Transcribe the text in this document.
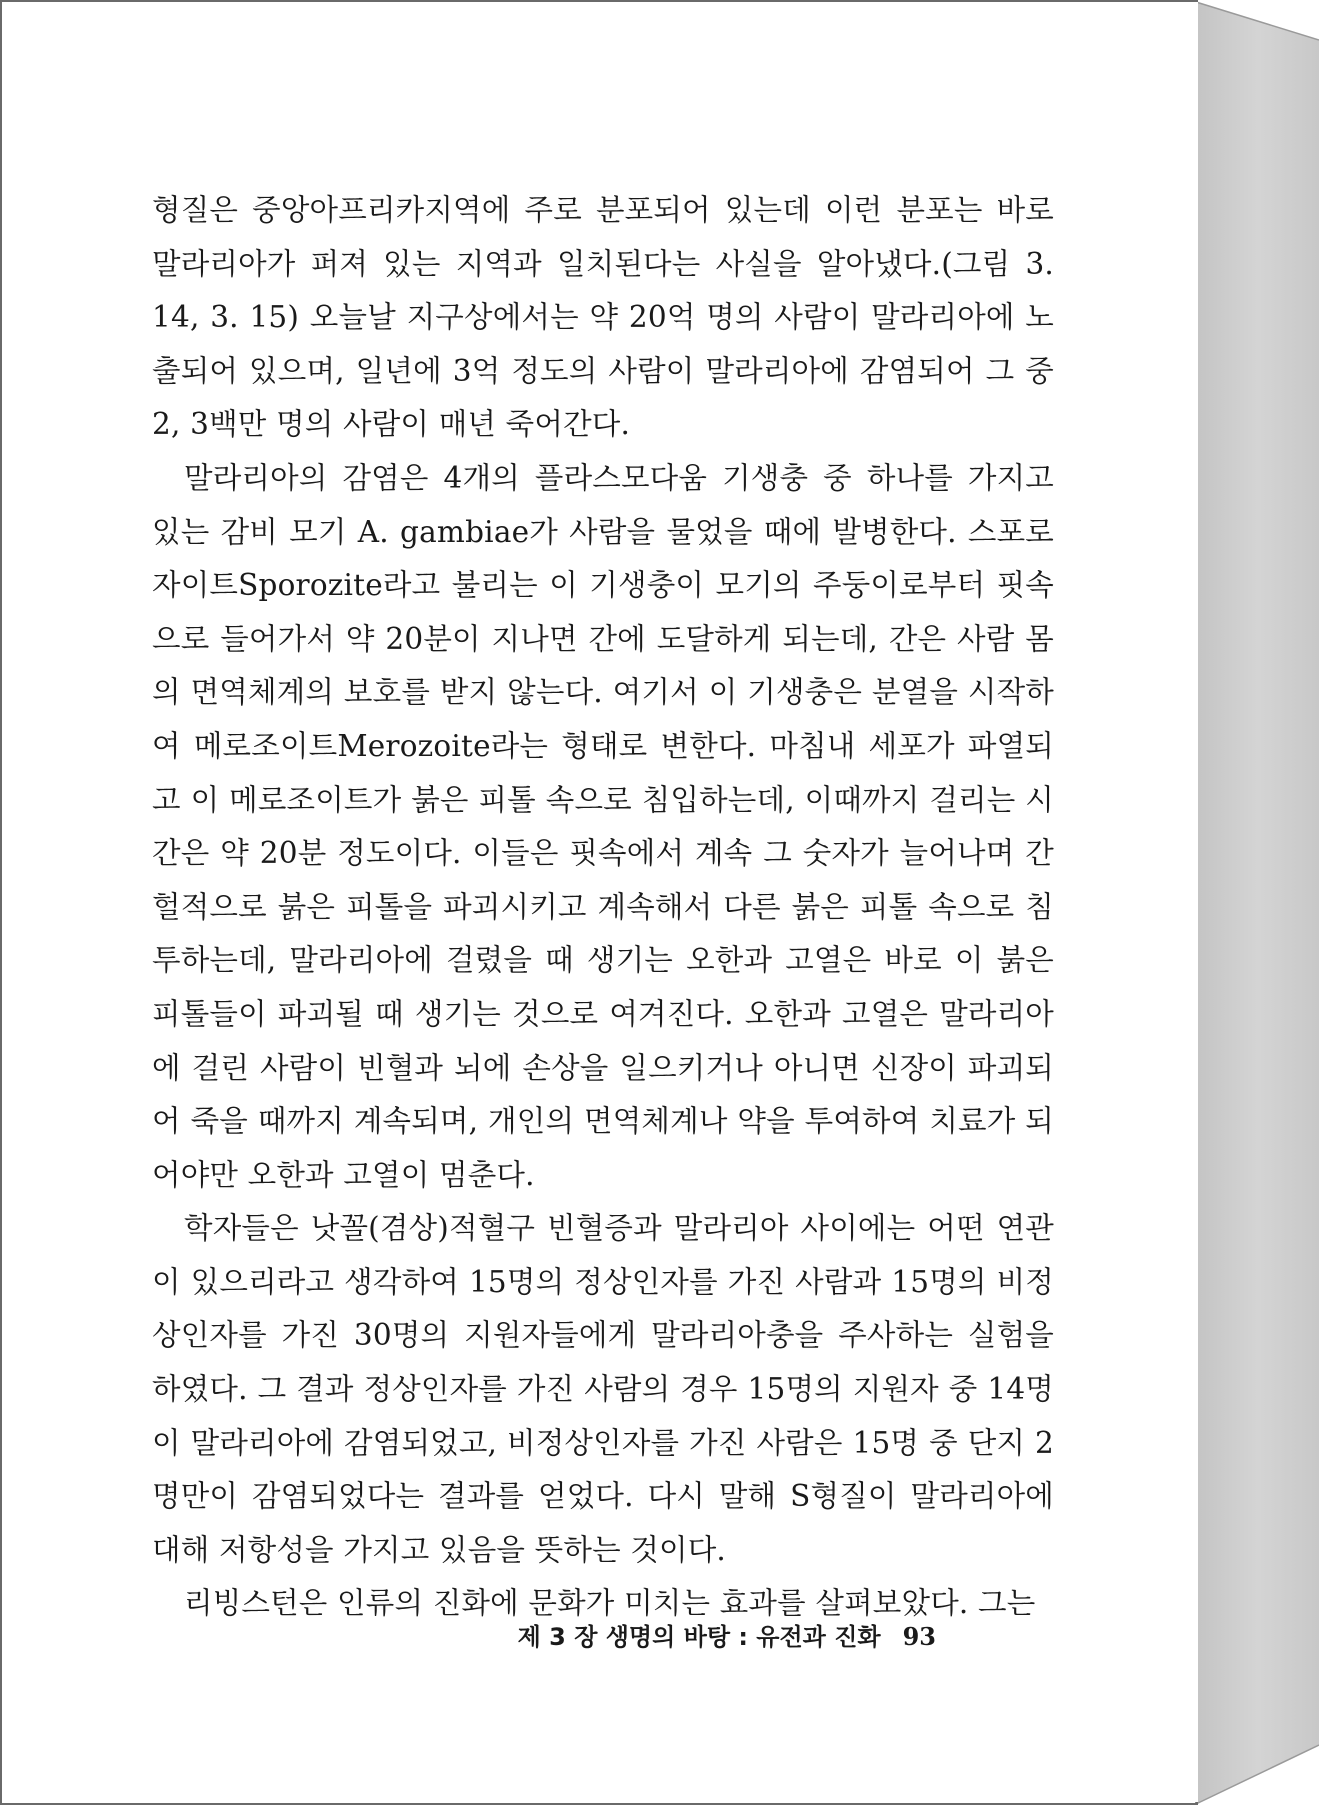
형질은 중앙아프리카지역에 주로 분포되어 있는데 이런 분포는 바로 말라리아가 퍼져 있는 지역과 일치된다는 사실을 알아냈다.(그림 3. 14, 3. 15) 오늘날 지구상에서는 약 20억 명의 사람이 말라리아에 노출되어 있으며, 일년에 3억 정도의 사람이 말라리아에 감염되어 그 중 2, 3백만 명의 사람이 매년 죽어간다.

말라리아의 감염은 4개의 플라스모다움 기생충 중 하나를 가지고 있는 감비 모기 A. gambiae가 사람을 물었을 때에 발병한다. 스포로자이트Sporozite라고 불리는 이 기생충이 모기의 주둥이로부터 핏속으로 들어가서 약 20분이 지나면 간에 도달하게 되는데, 간은 사람 몸의 면역체계의 보호를 받지 않는다. 여기서 이 기생충은 분열을 시작하여 메로조이트Merozoite라는 형태로 변한다. 마침내 세포가 파열되고 이 메로조이트가 붉은 피톨 속으로 침입하는데, 이때까지 걸리는 시간은 약 20분 정도이다. 이들은 핏속에서 계속 그 숫자가 늘어나며 간헐적으로 붉은 피톨을 파괴시키고 계속해서 다른 붉은 피톨 속으로 침투하는데, 말라리아에 걸렸을 때 생기는 오한과 고열은 바로 이 붉은 피톨들이 파괴될 때 생기는 것으로 여겨진다. 오한과 고열은 말라리아에 걸린 사람이 빈혈과 뇌에 손상을 일으키거나 아니면 신장이 파괴되어 죽을 때까지 계속되며, 개인의 면역체계나 약을 투여하여 치료가 되어야만 오한과 고열이 멈춘다.

학자들은 낫꼴(겸상)적혈구 빈혈증과 말라리아 사이에는 어떤 연관이 있으리라고 생각하여 15명의 정상인자를 가진 사람과 15명의 비정상인자를 가진 30명의 지원자들에게 말라리아충을 주사하는 실험을 하였다. 그 결과 정상인자를 가진 사람의 경우 15명의 지원자 중 14명이 말라리아에 감염되었고, 비정상인자를 가진 사람은 15명 중 단지 2명만이 감염되었다는 결과를 얻었다. 다시 말해 S형질이 말라리아에 대해 저항성을 가지고 있음을 뜻하는 것이다.

리빙스턴은 인류의 진화에 문화가 미치는 효과를 살펴보았다. 그는

제 3 장 생명의 바탕 : 유전과 진화 93
